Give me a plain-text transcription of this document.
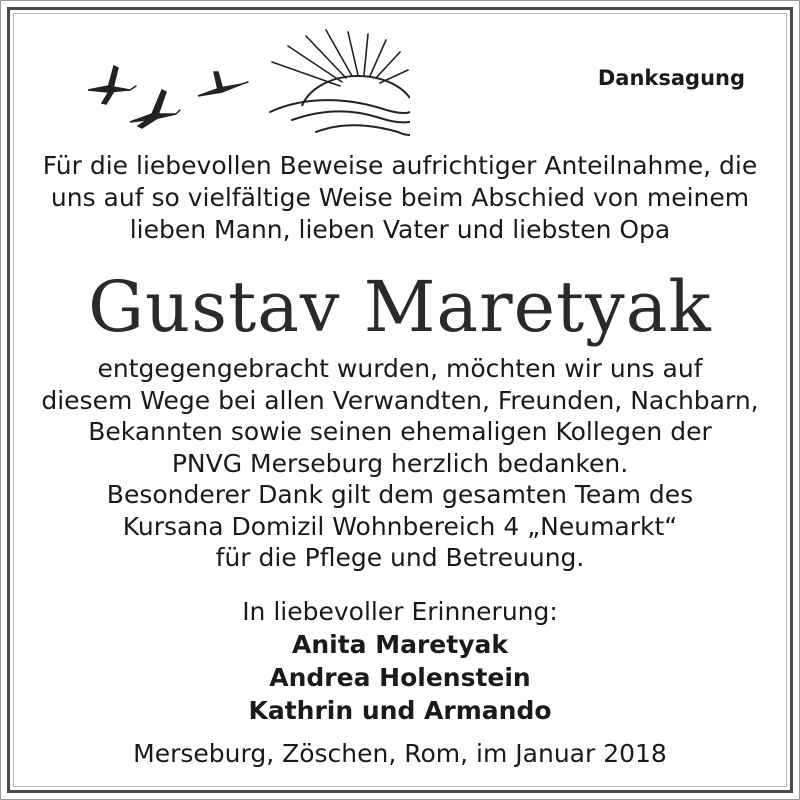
Danksagung
Für die liebevollen Beweise aufrichtiger Anteilnahme, die
uns auf so vielfältige Weise beim Abschied von meinem
lieben Mann, lieben Vater und liebsten Opa
Gustav Maretyak
entgegengebracht wurden, möchten wir uns auf
diesem Wege bei allen Verwandten, Freunden, Nachbarn,
Bekannten sowie seinen ehemaligen Kollegen der
PNVG Merseburg herzlich bedanken.
Besonderer Dank gilt dem gesamten Team des
Kursana Domizil Wohnbereich 4 „Neumarkt“
für die Pflege und Betreuung.
In liebevoller Erinnerung:
Anita Maretyak
Andrea Holenstein
Kathrin und Armando
Merseburg, Zöschen, Rom, im Januar 2018
